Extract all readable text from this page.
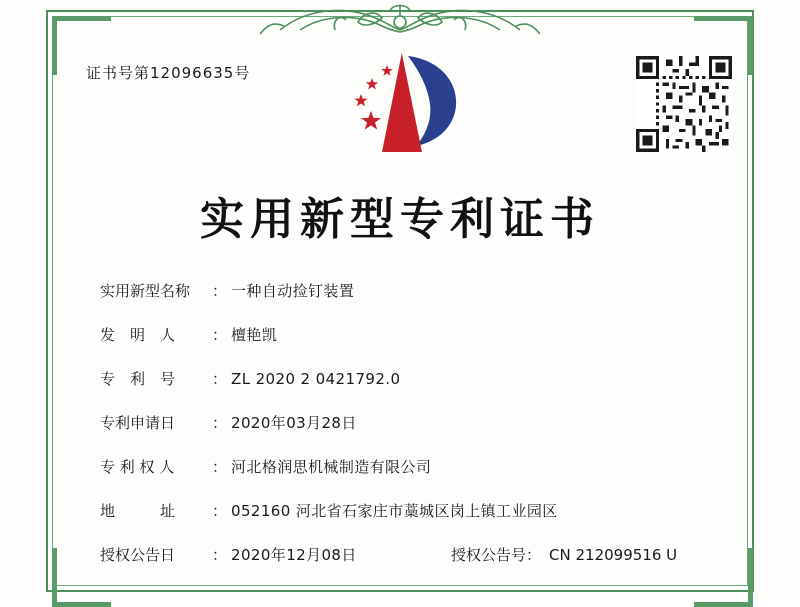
证书号第12096635号
实用新型专利证书
实用新型名称	： 一种自动捡钉装置
发　明　人	： 檀艳凯
专　利　号	： ZL 2020 2 0421792.0
专利申请日	： 2020年03月28日
专 利 权 人	： 河北格润思机械制造有限公司
地　　　址	： 052160 河北省石家庄市藁城区岗上镇工业园区
授权公告日	： 2020年12月08日	授权公告号 ： CN 212099516 U
